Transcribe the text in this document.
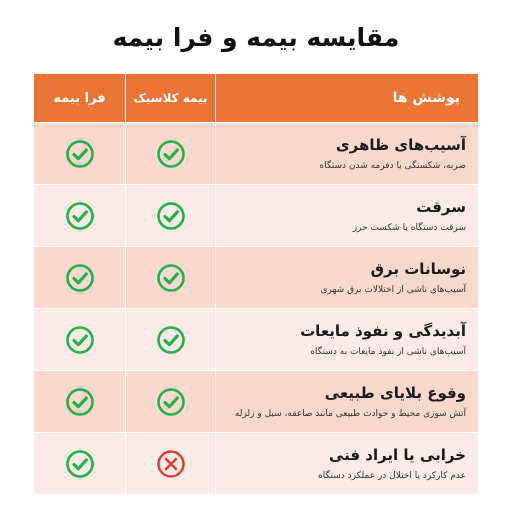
مقایسه بیمه و فرا بیمه
پوشش ها
بیمه کلاسیک
فرا بیمه
آسیب‌های ظاهری
ضربه، شکستگی یا دفرمه شدن دستگاه
سرقت
سرقت دستگاه یا شکست حرز
نوسانات برق
آسیب‌های ناشی از اختلالات برق شهری
آبدیدگی و نفوذ مایعات
آسیب‌های ناشی از نفوذ مایعات به دستگاه
وقوع بلایای طبیعی
آتش سوزی محیط و حوادث طبیعی مانند صاعقه، سیل و زلزله
خرابی یا ایراد فنی
عدم کارکرد یا اختلال در عملکرد دستگاه
